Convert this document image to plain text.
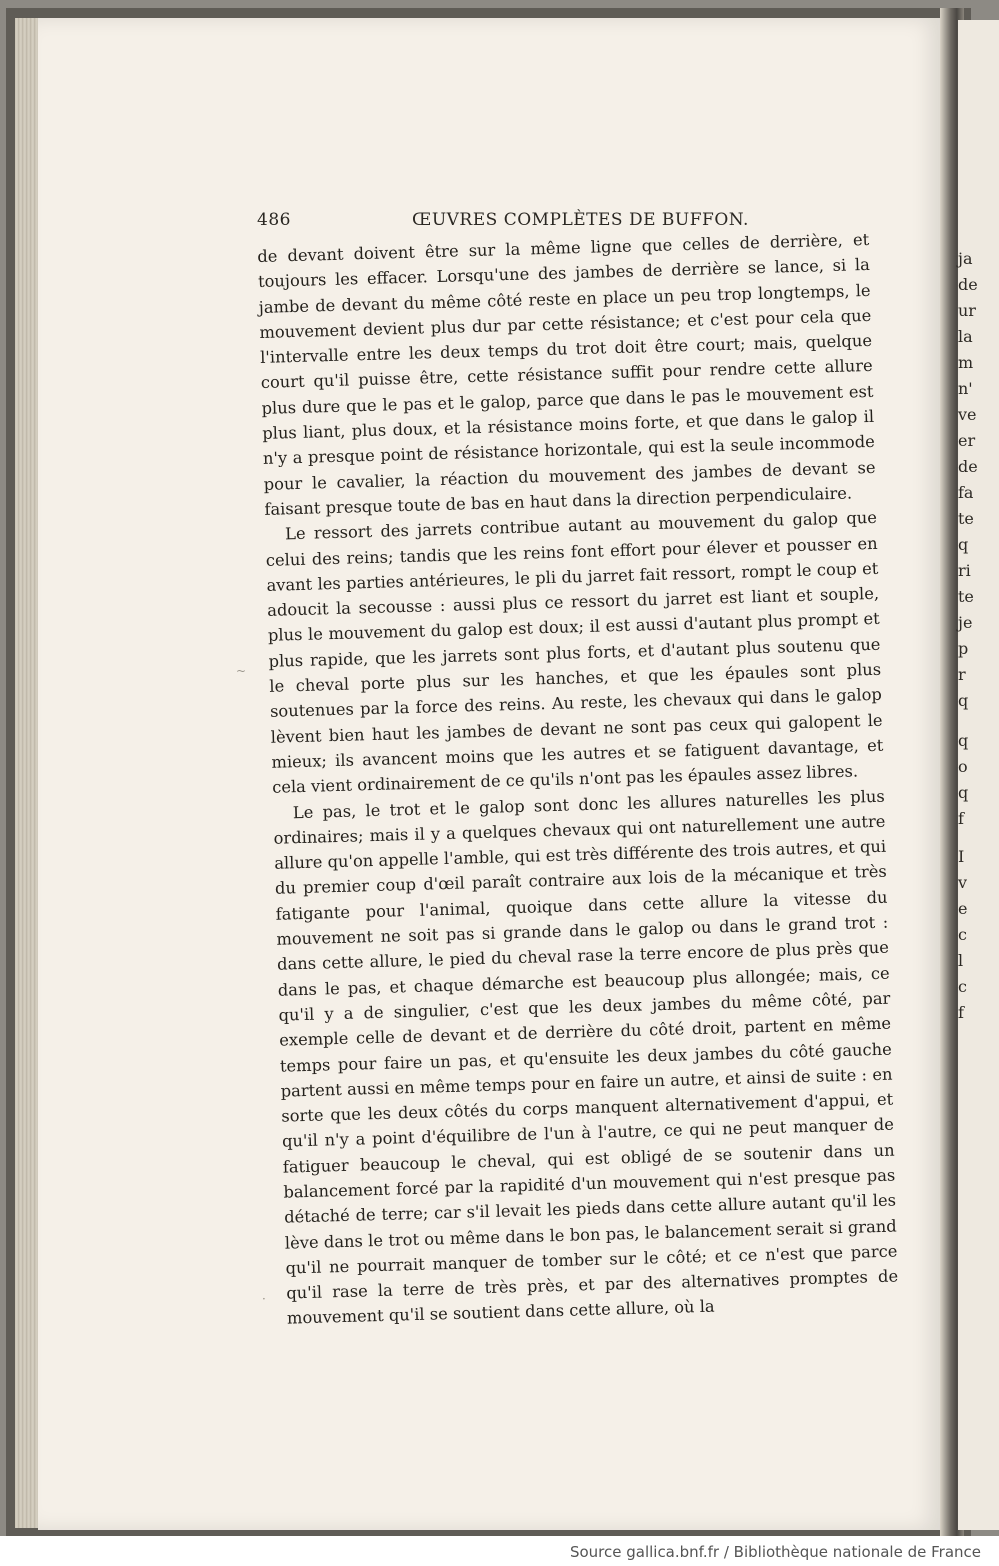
486	ŒUVRES COMPLÈTES DE BUFFON.

de devant doivent être sur la même ligne que celles de derrière, et toujours les effacer. Lorsqu'une des jambes de derrière se lance, si la jambe de devant du même côté reste en place un peu trop longtemps, le mouvement devient plus dur par cette résistance; et c'est pour cela que l'intervalle entre les deux temps du trot doit être court; mais, quelque court qu'il puisse être, cette résistance suffit pour rendre cette allure plus dure que le pas et le galop, parce que dans le pas le mouvement est plus liant, plus doux, et la résistance moins forte, et que dans le galop il n'y a presque point de résistance horizontale, qui est la seule incommode pour le cavalier, la réaction du mouvement des jambes de devant se faisant presque toute de bas en haut dans la direction perpendiculaire.

Le ressort des jarrets contribue autant au mouvement du galop que celui des reins; tandis que les reins font effort pour élever et pousser en avant les parties antérieures, le pli du jarret fait ressort, rompt le coup et adoucit la secousse : aussi plus ce ressort du jarret est liant et souple, plus le mouvement du galop est doux; il est aussi d'autant plus prompt et plus rapide, que les jarrets sont plus forts, et d'autant plus soutenu que le cheval porte plus sur les hanches, et que les épaules sont plus soutenues par la force des reins. Au reste, les chevaux qui dans le galop lèvent bien haut les jambes de devant ne sont pas ceux qui galopent le mieux; ils avancent moins que les autres et se fatiguent davantage, et cela vient ordinairement de ce qu'ils n'ont pas les épaules assez libres.

Le pas, le trot et le galop sont donc les allures naturelles les plus ordinaires; mais il y a quelques chevaux qui ont naturellement une autre allure qu'on appelle l'amble, qui est très différente des trois autres, et qui du premier coup d'œil paraît contraire aux lois de la mécanique et très fatigante pour l'animal, quoique dans cette allure la vitesse du mouvement ne soit pas si grande dans le galop ou dans le grand trot : dans cette allure, le pied du cheval rase la terre encore de plus près que dans le pas, et chaque démarche est beaucoup plus allongée; mais, ce qu'il y a de singulier, c'est que les deux jambes du même côté, par exemple celle de devant et de derrière du côté droit, partent en même temps pour faire un pas, et qu'ensuite les deux jambes du côté gauche partent aussi en même temps pour en faire un autre, et ainsi de suite : en sorte que les deux côtés du corps manquent alternativement d'appui, et qu'il n'y a point d'équilibre de l'un à l'autre, ce qui ne peut manquer de fatiguer beaucoup le cheval, qui est obligé de se soutenir dans un balancement forcé par la rapidité d'un mouvement qui n'est presque pas détaché de terre; car s'il levait les pieds dans cette allure autant qu'il les lève dans le trot ou même dans le bon pas, le balancement serait si grand qu'il ne pourrait manquer de tomber sur le côté; et ce n'est que parce qu'il rase la terre de très près, et par des alternatives promptes de mouvement qu'il se soutient dans cette allure, où la

~
·
ja
de
ur
la
m
n'
ve
er
de
fa
te
q
ri
te
je
p
r
q
q
o
q
f
I
v
e
c
l
c
f
Source gallica.bnf.fr / Bibliothèque nationale de France
